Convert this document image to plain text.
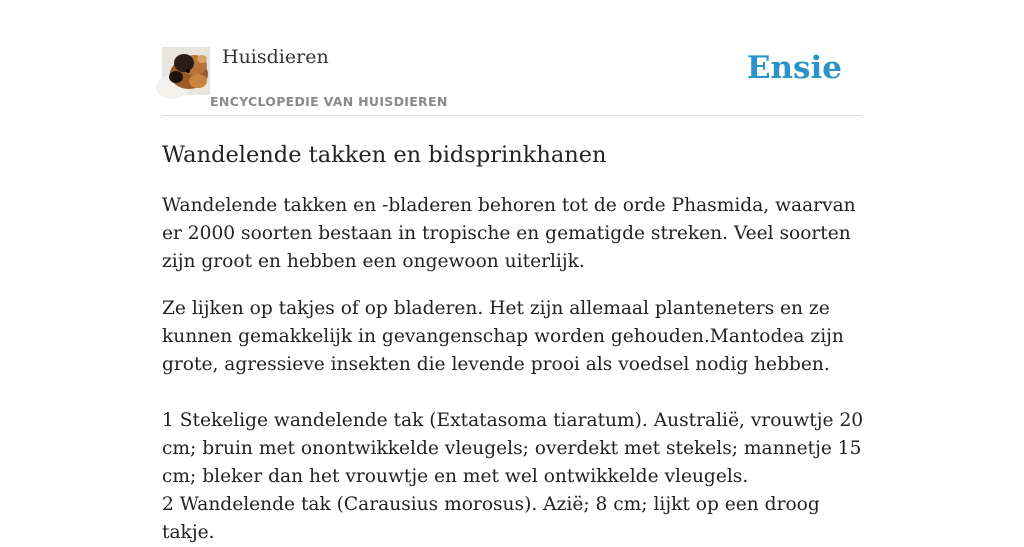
Huisdieren
ENCYCLOPEDIE VAN HUISDIEREN
Ensie
Wandelende takken en bidsprinkhanen

Wandelende takken en -bladeren behoren tot de orde Phasmida, waarvan er 2000 soorten bestaan in tropische en gematigde streken. Veel soorten zijn groot en hebben een ongewoon uiterlijk.

Ze lijken op takjes of op bladeren. Het zijn allemaal planteneters en ze kunnen gemakkelijk in gevangenschap worden gehouden.Mantodea zijn grote, agressieve insekten die levende prooi als voedsel nodig hebben.

1 Stekelige wandelende tak (Extatasoma tiaratum). Australië, vrouwtje 20 cm; bruin met onontwikkelde vleugels; overdekt met stekels; mannetje 15 cm; bleker dan het vrouwtje en met wel ontwikkelde vleugels.
2 Wandelende tak (Carausius morosus). Azië; 8 cm; lijkt op een droog takje.
